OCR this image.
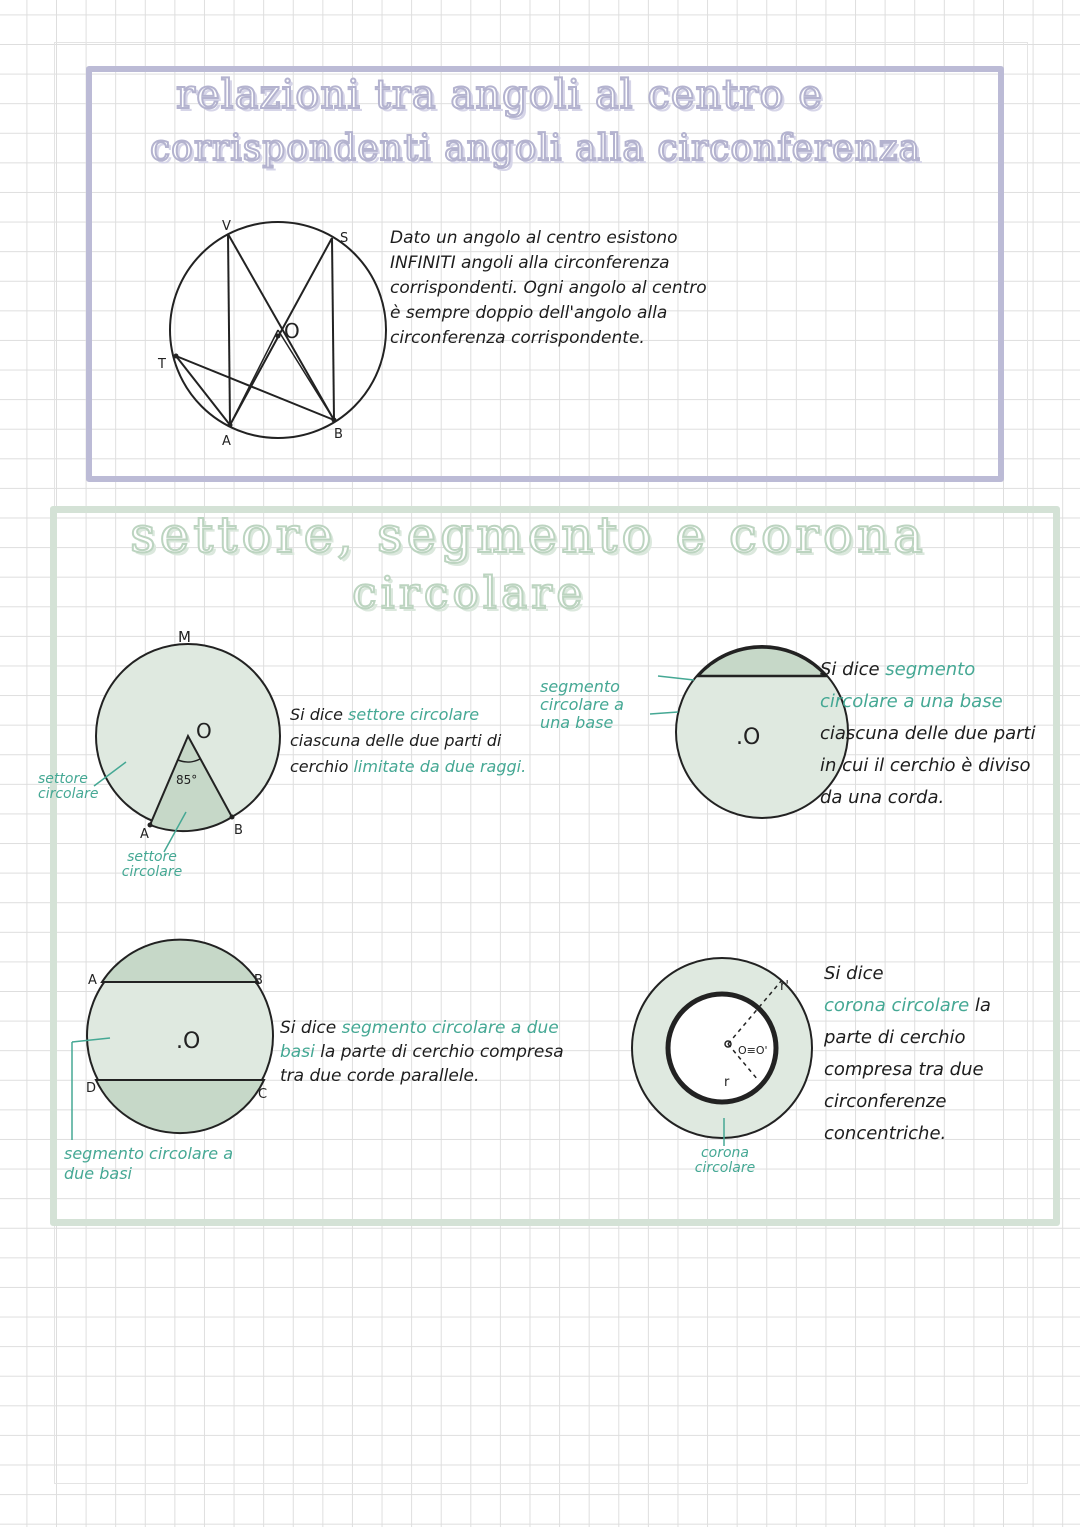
relazioni tra angoli al centro e
corrispondenti angoli alla circonferenza
V
S
T
A	B
O

Dato un angolo al centro esistono INFINITI angoli alla circonferenza corrispondenti. Ogni angolo al centro è sempre doppio dell'angolo alla circonferenza corrispondente.

settore, segmento e corona
circolare
M
O
85°
A	B
settore circolare
settore circolare

Si dice settore circolare ciascuna delle due parti di cerchio limitate da due raggi.

.O
segmento circolare a una base

Si dice segmento circolare a una base ciascuna delle due parti in cui il cerchio è diviso da una corda.

.O
A	B
C
D
segmento circolare a due basi

Si dice segmento circolare a due basi la parte di cerchio compresa tra due corde parallele.

O≡O'
r'
r
corona circolare

Si dice
corona circolare la parte di cerchio compresa tra due circonferenze concentriche.
